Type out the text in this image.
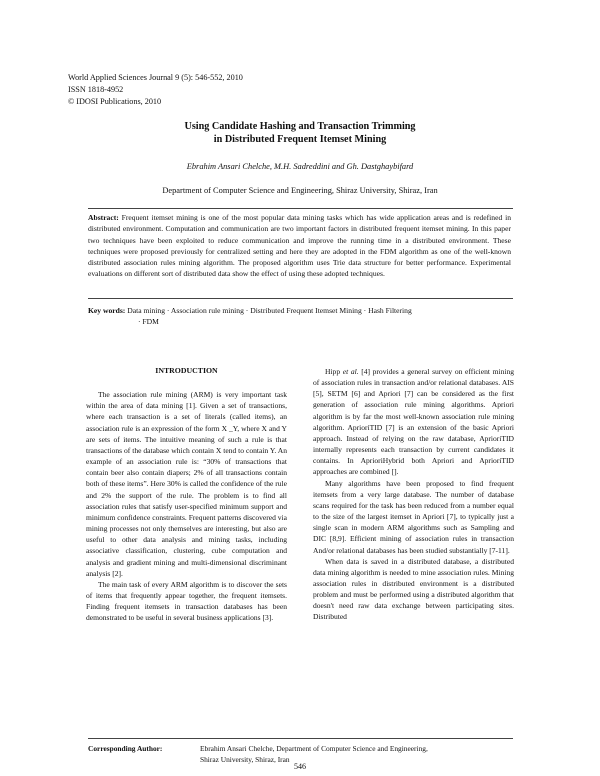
World Applied Sciences Journal 9 (5): 546-552, 2010
ISSN 1818-4952
© IDOSI Publications, 2010
Using Candidate Hashing and Transaction Trimming
in Distributed Frequent Itemset Mining
Ebrahim Ansari Chelche, M.H. Sadreddini and Gh. Dastghaybifard
Department of Computer Science and Engineering, Shiraz University, Shiraz, Iran
Abstract: Frequent itemset mining is one of the most popular data mining tasks which has wide application areas and is redefined in distributed environment. Computation and communication are two important factors in distributed frequent itemset mining. In this paper two techniques have been exploited to reduce communication and improve the running time in a distributed environment. These techniques were proposed previously for centralized setting and here they are adopted in the FDM algorithm as one of the well-known distributed association rules mining algorithm. The proposed algorithm uses Trie data structure for better performance. Experimental evaluations on different sort of distributed data show the effect of using these adopted techniques.
Key words: Data mining · Association rule mining · Distributed Frequent Itemset Mining · Hash Filtering
· FDM
INTRODUCTION

The association rule mining (ARM) is very important task within the area of data mining [1]. Given a set of transactions, where each transaction is a set of literals (called items), an association rule is an expression of the form X _Y, where X and Y are sets of items. The intuitive meaning of such a rule is that transactions of the database which contain X tend to contain Y. An example of an association rule is: “30% of transactions that contain beer also contain diapers; 2% of all transactions contain both of these items”. Here 30% is called the confidence of the rule and 2% the support of the rule. The problem is to find all association rules that satisfy user-specified minimum support and minimum confidence constraints. Frequent patterns discovered via mining processes not only themselves are interesting, but also are useful to other data analysis and mining tasks, including associative classification, clustering, cube computation and analysis and gradient mining and multi-dimensional discriminant analysis [2].

The main task of every ARM algorithm is to discover the sets of items that frequently appear together, the frequent itemsets. Finding frequent itemsets in transaction databases has been demonstrated to be useful in several business applications [3].

Hipp et al. [4] provides a general survey on efficient mining of association rules in transaction and/or relational databases. AIS [5], SETM [6] and Apriori [7] can be considered as the first generation of association rule mining algorithms. Apriori algorithm is by far the most well-known association rule mining algorithm. AprioriTID [7] is an extension of the basic Apriori approach. Instead of relying on the raw database, AprioriTID internally represents each transaction by current candidates it contains. In AprioriHybrid both Apriori and AprioriTID approaches are combined [].

Many algorithms have been proposed to find frequent itemsets from a very large database. The number of database scans required for the task has been reduced from a number equal to the size of the largest itemset in Apriori [7], to typically just a single scan in modern ARM algorithms such as Sampling and DIC [8,9]. Efficient mining of association rules in transaction And/or relational databases has been studied substantially [7-11].

When data is saved in a distributed database, a distributed data mining algorithm is needed to mine association rules. Mining association rules in distributed environment is a distributed problem and must be performed using a distributed algorithm that doesn't need raw data exchange between participating sites. Distributed

Corresponding Author:	Ebrahim Ansari Chelche, Department of Computer Science and Engineering,
Shiraz University, Shiraz, Iran
546
